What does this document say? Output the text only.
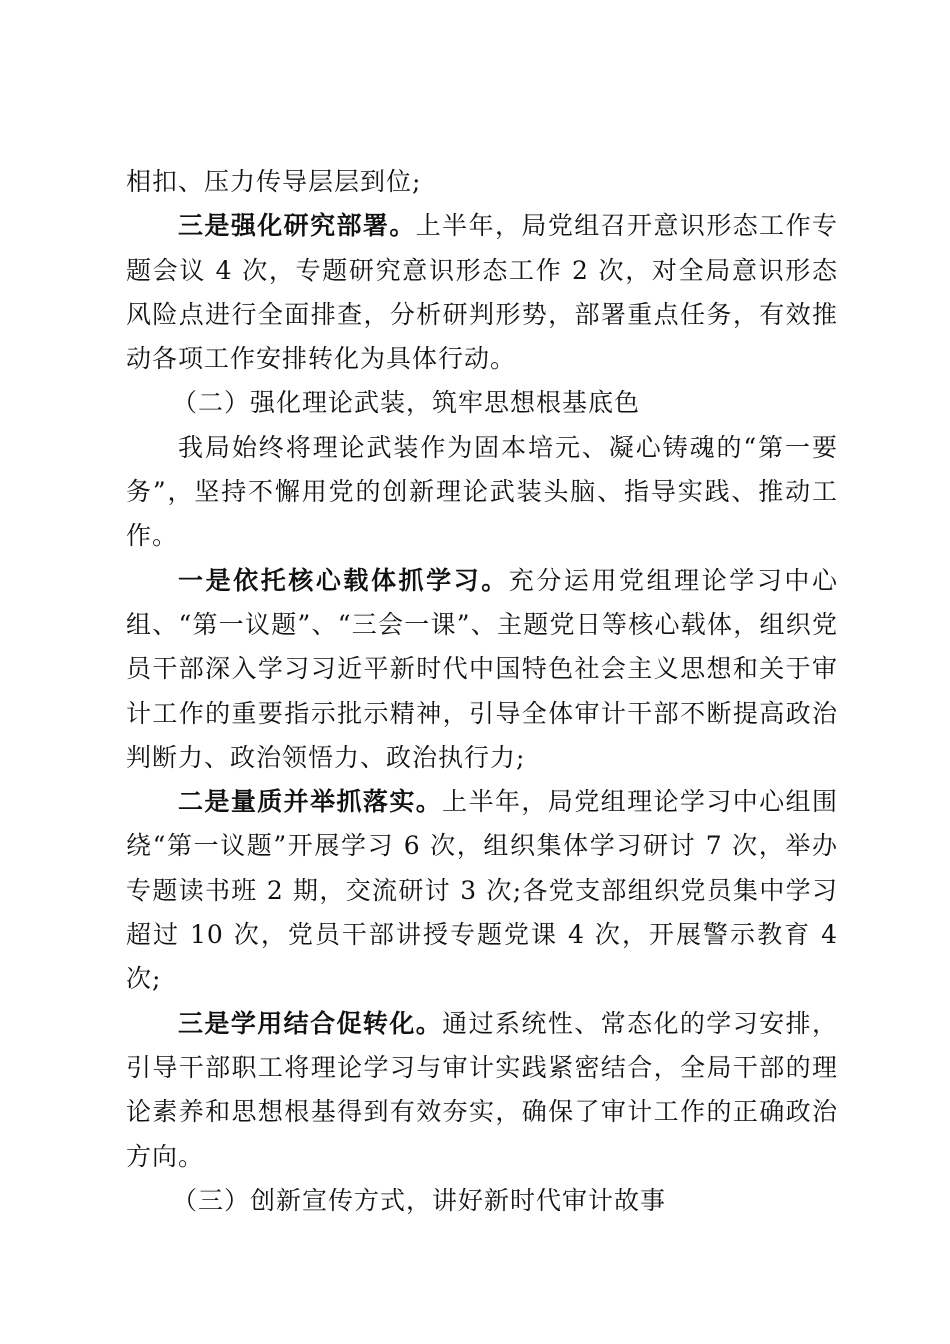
相扣、压力传导层层到位;

三是强化研究部署。上半年，局党组召开意识形态工作专题会议 4 次，专题研究意识形态工作 2 次，对全局意识形态风险点进行全面排查，分析研判形势，部署重点任务，有效推动各项工作安排转化为具体行动。

（二）强化理论武装，筑牢思想根基底色

我局始终将理论武装作为固本培元、凝心铸魂的“第一要务”，坚持不懈用党的创新理论武装头脑、指导实践、推动工作。

一是依托核心载体抓学习。充分运用党组理论学习中心组、“第一议题”、“三会一课”、主题党日等核心载体，组织党员干部深入学习习近平新时代中国特色社会主义思想和关于审计工作的重要指示批示精神，引导全体审计干部不断提高政治判断力、政治领悟力、政治执行力;

二是量质并举抓落实。上半年，局党组理论学习中心组围绕“第一议题”开展学习 6 次，组织集体学习研讨 7 次，举办专题读书班 2 期，交流研讨 3 次;各党支部组织党员集中学习超过 10 次，党员干部讲授专题党课 4 次，开展警示教育 4 次;

三是学用结合促转化。通过系统性、常态化的学习安排，引导干部职工将理论学习与审计实践紧密结合，全局干部的理论素养和思想根基得到有效夯实，确保了审计工作的正确政治方向。

（三）创新宣传方式，讲好新时代审计故事
